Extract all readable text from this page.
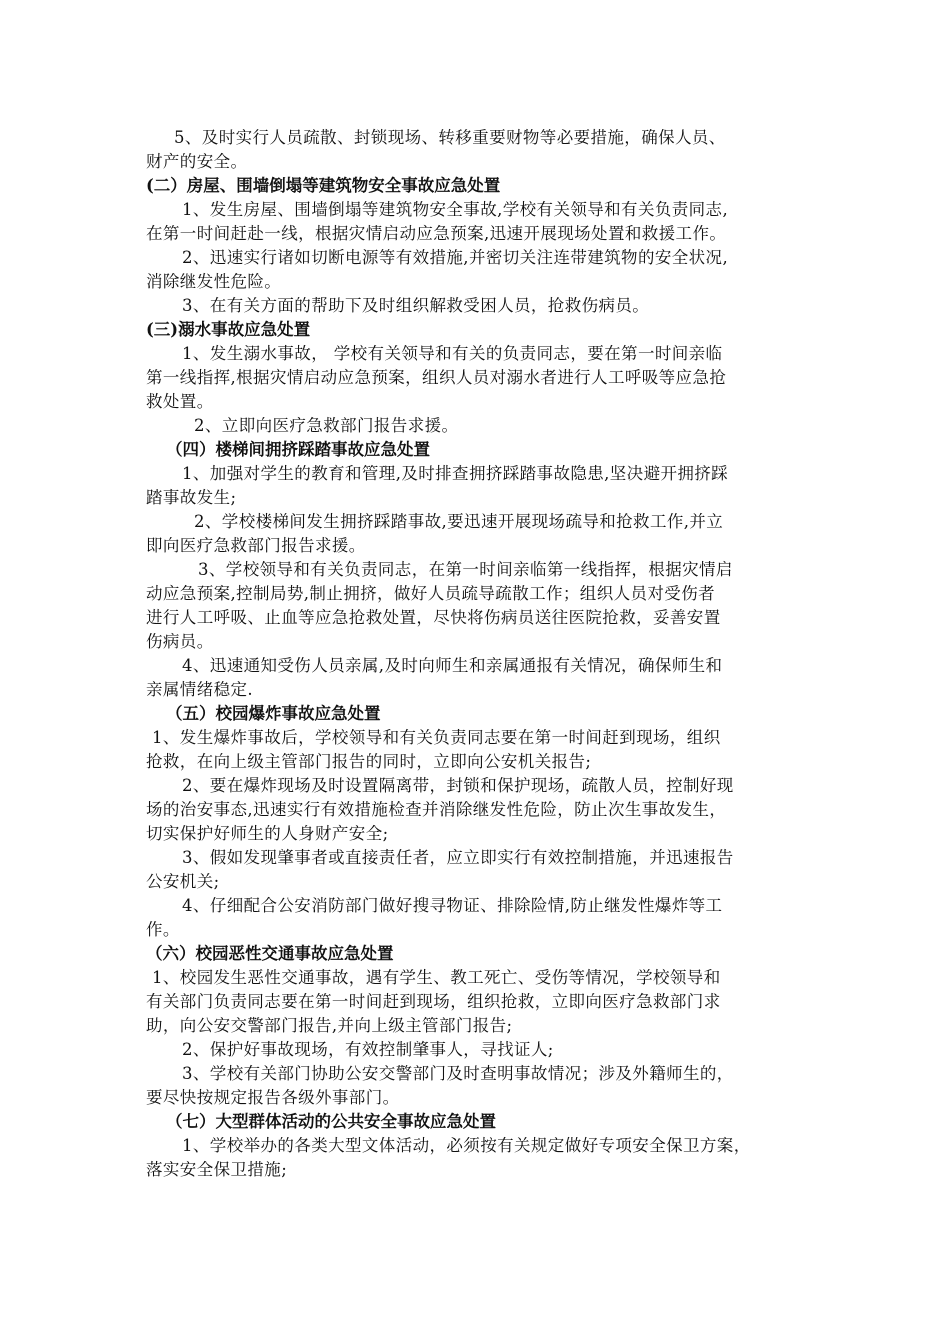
5、及时实行人员疏散、封锁现场、转移重要财物等必要措施，确保人员、
财产的安全。
(二）房屋、围墙倒塌等建筑物安全事故应急处置
1、发生房屋、围墙倒塌等建筑物安全事故,学校有关领导和有关负责同志,
在第一时间赶赴一线，根据灾情启动应急预案,迅速开展现场处置和救援工作。
2、迅速实行诸如切断电源等有效措施,并密切关注连带建筑物的安全状况,
消除继发性危险。
3、在有关方面的帮助下及时组织解救受困人员，抢救伤病员。
(三)溺水事故应急处置
1、发生溺水事故， 学校有关领导和有关的负责同志，要在第一时间亲临
第一线指挥,根据灾情启动应急预案，组织人员对溺水者进行人工呼吸等应急抢
救处置。
2、立即向医疗急救部门报告求援。
（四）楼梯间拥挤踩踏事故应急处置
1、加强对学生的教育和管理,及时排查拥挤踩踏事故隐患,坚决避开拥挤踩
踏事故发生;
2、学校楼梯间发生拥挤踩踏事故,要迅速开展现场疏导和抢救工作,并立
即向医疗急救部门报告求援。
3、学校领导和有关负责同志，在第一时间亲临第一线指挥，根据灾情启
动应急预案,控制局势,制止拥挤，做好人员疏导疏散工作；组织人员对受伤者
进行人工呼吸、止血等应急抢救处置，尽快将伤病员送往医院抢救，妥善安置
伤病员。
4、迅速通知受伤人员亲属,及时向师生和亲属通报有关情况，确保师生和
亲属情绪稳定.
（五）校园爆炸事故应急处置
1、发生爆炸事故后，学校领导和有关负责同志要在第一时间赶到现场，组织
抢救，在向上级主管部门报告的同时，立即向公安机关报告;
2、要在爆炸现场及时设置隔离带，封锁和保护现场，疏散人员，控制好现
场的治安事态,迅速实行有效措施检查并消除继发性危险，防止次生事故发生，
切实保护好师生的人身财产安全;
3、假如发现肇事者或直接责任者，应立即实行有效控制措施，并迅速报告
公安机关;
4、仔细配合公安消防部门做好搜寻物证、排除险情,防止继发性爆炸等工
作。
（六）校园恶性交通事故应急处置
1、校园发生恶性交通事故，遇有学生、教工死亡、受伤等情况，学校领导和
有关部门负责同志要在第一时间赶到现场，组织抢救，立即向医疗急救部门求
助，向公安交警部门报告,并向上级主管部门报告;
2、保护好事故现场，有效控制肇事人，寻找证人;
3、学校有关部门协助公安交警部门及时查明事故情况；涉及外籍师生的，
要尽快按规定报告各级外事部门。
（七）大型群体活动的公共安全事故应急处置
1、学校举办的各类大型文体活动，必须按有关规定做好专项安全保卫方案，
落实安全保卫措施;
